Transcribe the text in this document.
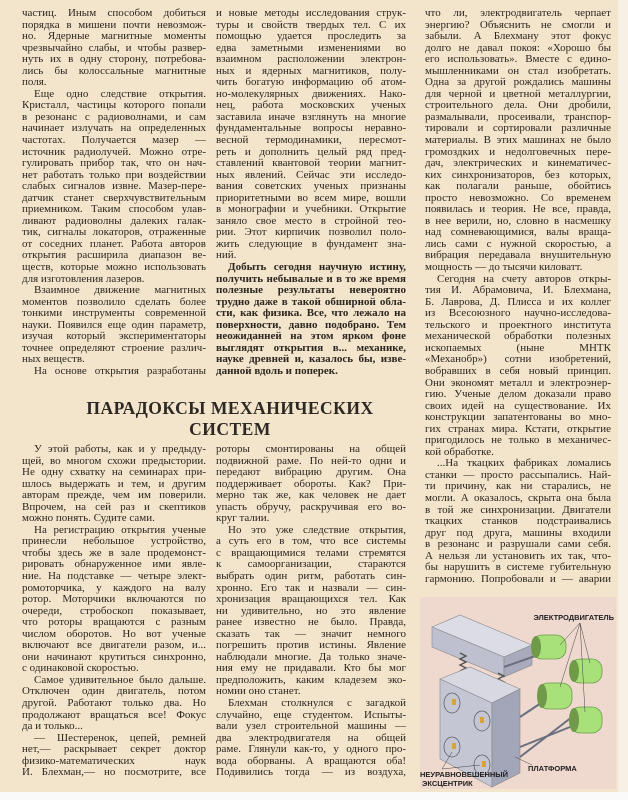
частиц. Иным способом добиться
порядка в мишени почти невозмож-
но. Ядерные магнитные моменты
чрезвычайно слабы, и чтобы развер-
нуть их в одну сторону, потребова-
лись бы колоссальные магнитные
поля.
Еще одно следствие открытия.
Кристалл, частицы которого попали
в резонанс с радиоволнами, и сам
начинает излучать на определенных
частотах. Получается мазер —
источник радиолучей. Можно отре-
гулировать прибор так, что он нач-
нет работать только при воздействии
слабых сигналов извне. Мазер-пере-
датчик станет сверхчувствительным
приемником. Таким способом улав-
ливают радиоволны далеких галак-
тик, сигналы локаторов, отраженные
от соседних планет. Работа авторов
открытия расширила диапазон ве-
ществ, которые можно использовать
для изготовления лазеров.
Взаимное движение магнитных
моментов позволило сделать более
тонкими инструменты современной
науки. Появился еще один параметр,
изучая который экспериментаторы
точнее определяют строение различ-
ных веществ.
На основе открытия разработаны
и новые методы исследования струк-
туры и свойств твердых тел. С их
помощью удается проследить за
едва заметными изменениями во
взаимном расположении электрон-
ных и ядерных магнитиков, полу-
чить богатую информацию об атом-
но-молекулярных движениях. Нако-
нец, работа московских ученых
заставила иначе взглянуть на многие
фундаментальные вопросы неравно-
весной термодинамики, пересмот-
реть и дополнить целый ряд пред-
ставлений квантовой теории магнит-
ных явлений. Сейчас эти исследо-
вания советских ученых признаны
приоритетными во всем мире, вошли
в монографии и учебники. Открытие
заняло свое место в стройной тео-
рии. Этот кирпичик позволил поло-
жить следующие в фундамент зна-
ний.
Добыть сегодня научную истину,
получить небывалые и в то же время
полезные результаты невероятно
трудно даже в такой обширной обла-
сти, как физика. Все, что лежало на
поверхности, давно подобрано. Тем
неожиданней на этом ярком фоне
выглядят открытия в... механике,
науке древней и, казалось бы, изве-
данной вдоль и поперек.
что ли, электродвигатель черпает
энергию? Объяснить не смогли и
забыли. А Блехману этот фокус
долго не давал покоя: «Хорошо бы
его использовать». Вместе с едино-
мышленниками он стал изобретать.
Одна за другой рождались машины
для черной и цветной металлургии,
строительного дела. Они дробили,
размалывали, просеивали, транспор-
тировали и сортировали различные
материалы. В этих машинах не было
громоздких и недолговечных пере-
дач, электрических и кинематичес-
ких синхронизаторов, без которых,
как полагали раньше, обойтись
просто невозможно. Со временем
появилась и теория. Не все, правда,
в нее верили, но, словно в насмешку
над сомневающимися, валы враща-
лись сами с нужной скоростью, а
вибрация передавала внушительную
мощность — до тысячи киловатт.
Сегодня на счету авторов откры-
тия И. Абрамовича, И. Блехмана,
Б. Лаврова, Д. Плисса и их коллег
из Всесоюзного научно-исследова-
тельского и проектного института
механической обработки полезных
ископаемых (ныне МНТК
«Механобр») сотни изобретений,
вобравших в себя новый принцип.
Они экономят металл и электроэнер-
гию. Ученые делом доказали право
своих идей на существование. Их
конструкции запатентованы во мно-
гих странах мира. Кстати, открытие
пригодилось не только в механичес-
кой обработке.
...На ткацких фабриках ломались
станки — просто рассыпались. Най-
ти причину, как ни старались, не
могли. А оказалось, скрыта она была
в той же синхронизации. Двигатели
ткацких станков подстраивались
друг под друга, машины входили
в резонанс и разрушали сами себя.
А нельзя ли установить их так, что-
бы нарушить в системе губительную
гармонию. Попробовали и — аварии
ПАРАДОКСЫ МЕХАНИЧЕСКИХ
СИСТЕМ
У этой работы, как и у предыду-
щей, во многом схожи предыстории.
Не одну схватку на семинарах при-
шлось выдержать и тем, и другим
авторам прежде, чем им поверили.
Впрочем, на сей раз и скептиков
можно понять. Судите сами.
На регистрацию открытия ученые
принесли небольшое устройство,
чтобы здесь же в зале продемонст-
рировать обнаруженное ими явле-
ние. На подставке — четыре элект-
ромоторчика, у каждого на валу
ротор. Моторчики включаются по
очереди, стробоскоп показывает,
что роторы вращаются с разным
числом оборотов. Но вот ученые
включают все двигатели разом, и...
они начинают крутиться синхронно,
с одинаковой скоростью.
Самое удивительное было дальше.
Отключен один двигатель, потом
другой. Работают только два. Но
продолжают вращаться все! Фокус
да и только...
— Шестеренок, цепей, ремней
нет,— раскрывает секрет доктор
физико-математических наук
И. Блехман,— но посмотрите, все
роторы смонтированы на общей
подвижной раме. По ней-то одни и
передают вибрацию другим. Она
поддерживает обороты. Как? При-
мерно так же, как человек не дает
упасть обручу, раскручивая его во-
круг талии.
Но это уже следствие открытия,
а суть его в том, что все системы
с вращающимися телами стремятся
к самоорганизации, стараются
выбрать один ритм, работать син-
хронно. Его так и назвали — син-
хронизация вращающихся тел. Как
ни удивительно, но это явление
ранее известно не было. Правда,
сказать так — значит немного
погрешить против истины. Явление
наблюдали многие. Да только значе-
ния ему не придавали. Кто бы мог
предположить, каким кладезем эко-
номии оно станет.
Блехман столкнулся с загадкой
случайно, еще студентом. Испыты-
вали узел строительной машины —
два электродвигателя на общей
раме. Глянули как-то, у одного про-
вода оборваны. А вращаются оба!
Подивились тогда — из воздуха,
ЭЛЕКТРОДВИГАТЕЛЬ
ПЛАТФОРМА
НЕУРАВНОВЕШЕННЫЙ
ЭКСЦЕНТРИК
